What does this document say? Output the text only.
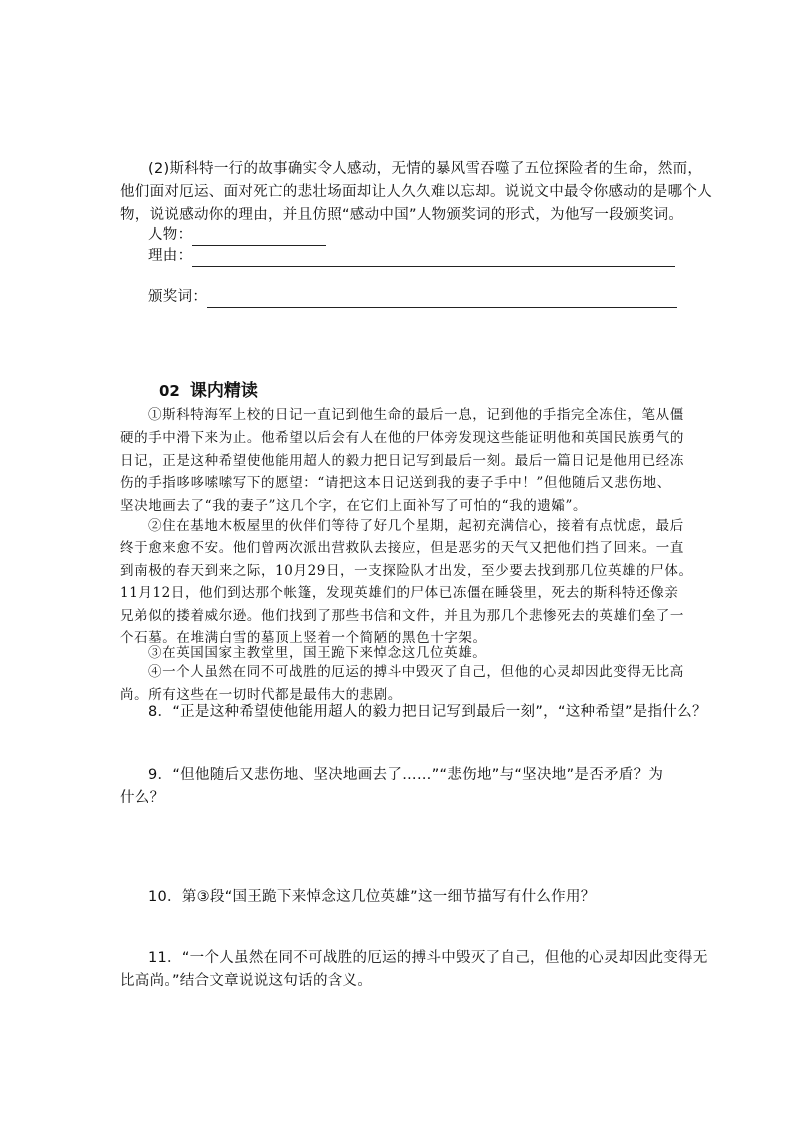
(2)斯科特一行的故事确实令人感动，无情的暴风雪吞噬了五位探险者的生命，然而，
他们面对厄运、面对死亡的悲壮场面却让人久久难以忘却。说说文中最令你感动的是哪个人
物，说说感动你的理由，并且仿照“感动中国”人物颁奖词的形式，为他写一段颁奖词。
人物：
理由：
颁奖词：
02 课内精读
①斯科特海军上校的日记一直记到他生命的最后一息，记到他的手指完全冻住，笔从僵
硬的手中滑下来为止。他希望以后会有人在他的尸体旁发现这些能证明他和英国民族勇气的
日记，正是这种希望使他能用超人的毅力把日记写到最后一刻。最后一篇日记是他用已经冻
伤的手指哆哆嗦嗦写下的愿望：“请把这本日记送到我的妻子手中！”但他随后又悲伤地、
坚决地画去了“我的妻子”这几个字，在它们上面补写了可怕的“我的遗孀”。
②住在基地木板屋里的伙伴们等待了好几个星期，起初充满信心，接着有点忧虑，最后
终于愈来愈不安。他们曾两次派出营救队去接应，但是恶劣的天气又把他们挡了回来。一直
到南极的春天到来之际，10月29日，一支探险队才出发，至少要去找到那几位英雄的尸体。
11月12日，他们到达那个帐篷，发现英雄们的尸体已冻僵在睡袋里，死去的斯科特还像亲
兄弟似的搂着威尔逊。他们找到了那些书信和文件，并且为那几个悲惨死去的英雄们垒了一
个石墓。在堆满白雪的墓顶上竖着一个简陋的黑色十字架。
③在英国国家主教堂里，国王跪下来悼念这几位英雄。
④一个人虽然在同不可战胜的厄运的搏斗中毁灭了自己，但他的心灵却因此变得无比高
尚。所有这些在一切时代都是最伟大的悲剧。
8．“正是这种希望使他能用超人的毅力把日记写到最后一刻”，“这种希望”是指什么？
9．“但他随后又悲伤地、坚决地画去了……”“悲伤地”与“坚决地”是否矛盾？为
什么？
10．第③段“国王跪下来悼念这几位英雄”这一细节描写有什么作用？
11．“一个人虽然在同不可战胜的厄运的搏斗中毁灭了自己，但他的心灵却因此变得无
比高尚。”结合文章说说这句话的含义。
